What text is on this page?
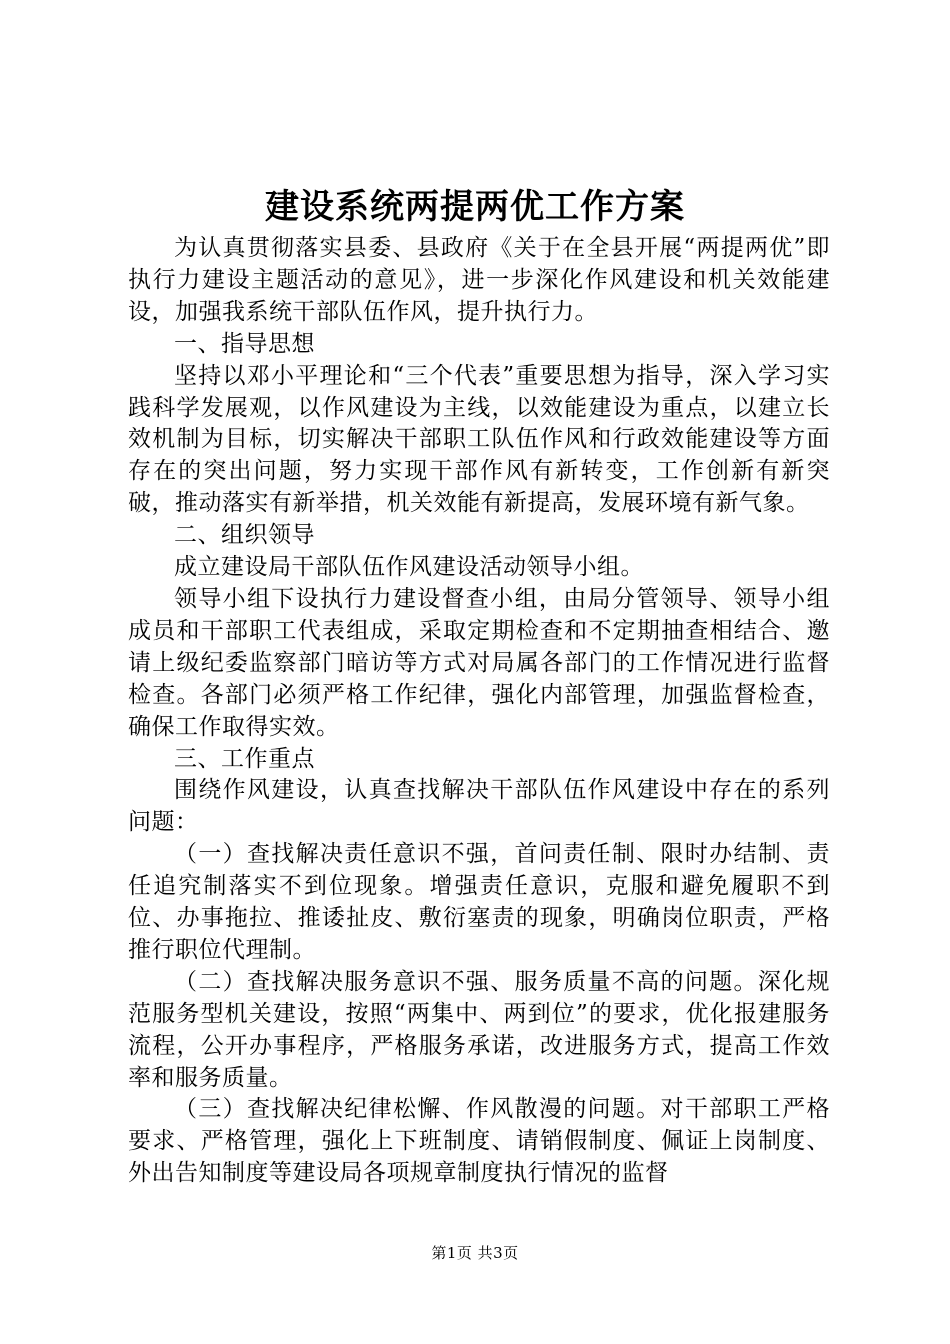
建设系统两提两优工作方案

为认真贯彻落实县委、县政府《关于在全县开展“两提两优”即执行力建设主题活动的意见》，进一步深化作风建设和机关效能建设，加强我系统干部队伍作风，提升执行力。

一、指导思想

坚持以邓小平理论和“三个代表”重要思想为指导，深入学习实践科学发展观，以作风建设为主线，以效能建设为重点，以建立长效机制为目标，切实解决干部职工队伍作风和行政效能建设等方面存在的突出问题，努力实现干部作风有新转变，工作创新有新突破，推动落实有新举措，机关效能有新提高，发展环境有新气象。

二、组织领导

成立建设局干部队伍作风建设活动领导小组。

领导小组下设执行力建设督查小组，由局分管领导、领导小组成员和干部职工代表组成，采取定期检查和不定期抽查相结合、邀请上级纪委监察部门暗访等方式对局属各部门的工作情况进行监督检查。各部门必须严格工作纪律，强化内部管理，加强监督检查，确保工作取得实效。

三、工作重点

围绕作风建设，认真查找解决干部队伍作风建设中存在的系列问题：

（一）查找解决责任意识不强，首问责任制、限时办结制、责任追究制落实不到位现象。增强责任意识，克服和避免履职不到位、办事拖拉、推诿扯皮、敷衍塞责的现象，明确岗位职责，严格推行职位代理制。

（二）查找解决服务意识不强、服务质量不高的问题。深化规范服务型机关建设，按照“两集中、两到位”的要求，优化报建服务流程，公开办事程序，严格服务承诺，改进服务方式，提高工作效率和服务质量。

（三）查找解决纪律松懈、作风散漫的问题。对干部职工严格要求、严格管理，强化上下班制度、请销假制度、佩证上岗制度、外出告知制度等建设局各项规章制度执行情况的监督

第1页 共3页
